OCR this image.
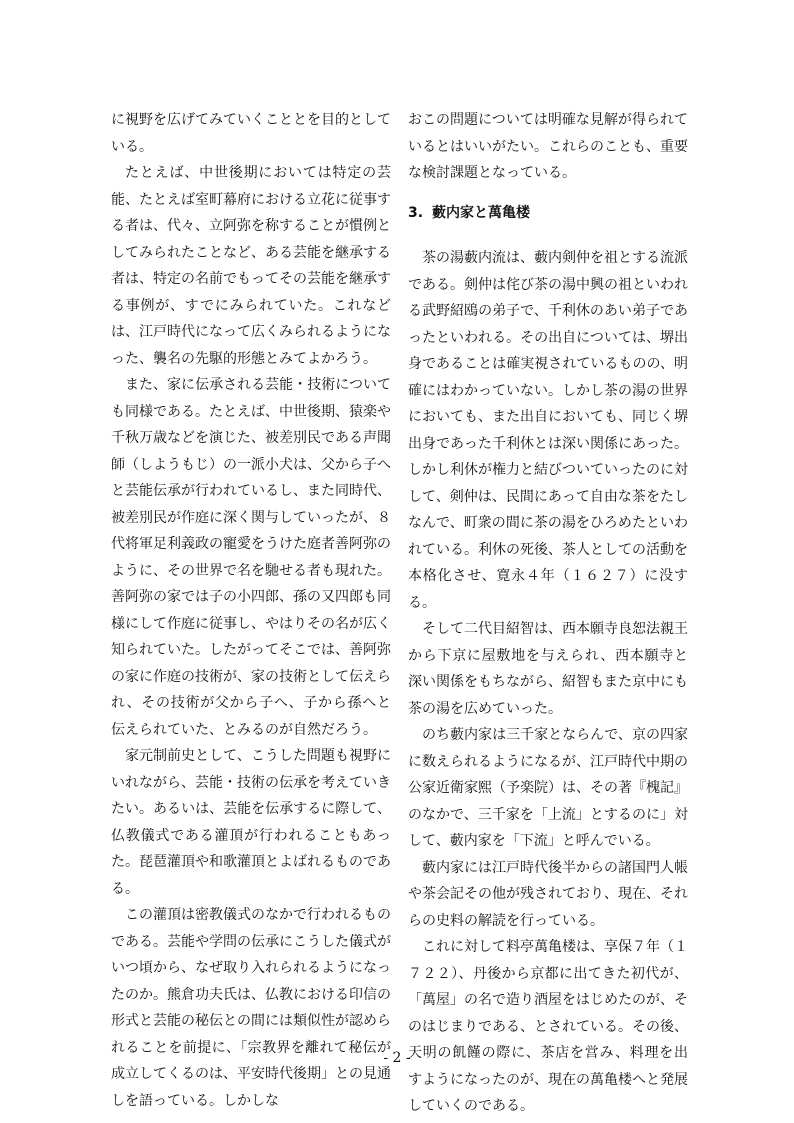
に視野を広げてみていくこととを目的としている。

たとえば、中世後期においては特定の芸能、たとえば室町幕府における立花に従事する者は、代々、立阿弥を称することが慣例としてみられたことなど、ある芸能を継承する者は、特定の名前でもってその芸能を継承する事例が、すでにみられていた。これなどは、江戸時代になって広くみられるようになった、襲名の先駆的形態とみてよかろう。

また、家に伝承される芸能・技術についても同様である。たとえば、中世後期、猿楽や千秋万歳などを演じた、被差別民である声聞師（しようもじ）の一派小犬は、父から子へと芸能伝承が行われているし、また同時代、被差別民が作庭に深く関与していったが、８代将軍足利義政の寵愛をうけた庭者善阿弥のように、その世界で名を馳せる者も現れた。善阿弥の家では子の小四郎、孫の又四郎も同様にして作庭に従事し、やはりその名が広く知られていた。したがってそこでは、善阿弥の家に作庭の技術が、家の技術として伝えられ、その技術が父から子へ、子から孫へと伝えられていた、とみるのが自然だろう。

家元制前史として、こうした問題も視野にいれながら、芸能・技術の伝承を考えていきたい。あるいは、芸能を伝承するに際して、仏教儀式である灌頂が行われることもあった。琵琶灌頂や和歌灌頂とよばれるものである。

この灌頂は密教儀式のなかで行われるものである。芸能や学問の伝承にこうした儀式がいつ頃から、なぜ取り入れられるようになったのか。熊倉功夫氏は、仏教における印信の形式と芸能の秘伝との間には類似性が認められることを前提に、「宗教界を離れて秘伝が成立してくるのは、平安時代後期」との見通しを語っている。しかしな

おこの問題については明確な見解が得られているとはいいがたい。これらのことも、重要な検討課題となっている。

3. 藪内家と萬亀楼

茶の湯藪内流は、藪内剣仲を祖とする流派である。剣仲は侘び茶の湯中興の祖といわれる武野紹鴎の弟子で、千利休のあい弟子であったといわれる。その出自については、堺出身であることは確実視されているものの、明確にはわかっていない。しかし茶の湯の世界においても、また出自においても、同じく堺出身であった千利休とは深い関係にあった。しかし利休が権力と結びついていったのに対して、剣仲は、民間にあって自由な茶をたしなんで、町衆の間に茶の湯をひろめたといわれている。利休の死後、茶人としての活動を本格化させ、寛永４年（１６２７）に没する。

そして二代目紹智は、西本願寺良恕法親王から下京に屋敷地を与えられ、西本願寺と深い関係をもちながら、紹智もまた京中にも茶の湯を広めていった。

のち藪内家は三千家とならんで、京の四家に数えられるようになるが、江戸時代中期の公家近衛家熙（予楽院）は、その著『槐記』のなかで、三千家を「上流」とするのに」対して、藪内家を「下流」と呼んでいる。

藪内家には江戸時代後半からの諸国門人帳や茶会記その他が残されており、現在、それらの史料の解読を行っている。

これに対して料亭萬亀楼は、享保７年（１７２２）、丹後から京都に出てきた初代が、「萬屋」の名で造り酒屋をはじめたのが、そのはじまりである、とされている。その後、天明の飢饉の際に、茶店を営み、料理を出すようになったのが、現在の萬亀楼へと発展していくのである。

- 2 -
